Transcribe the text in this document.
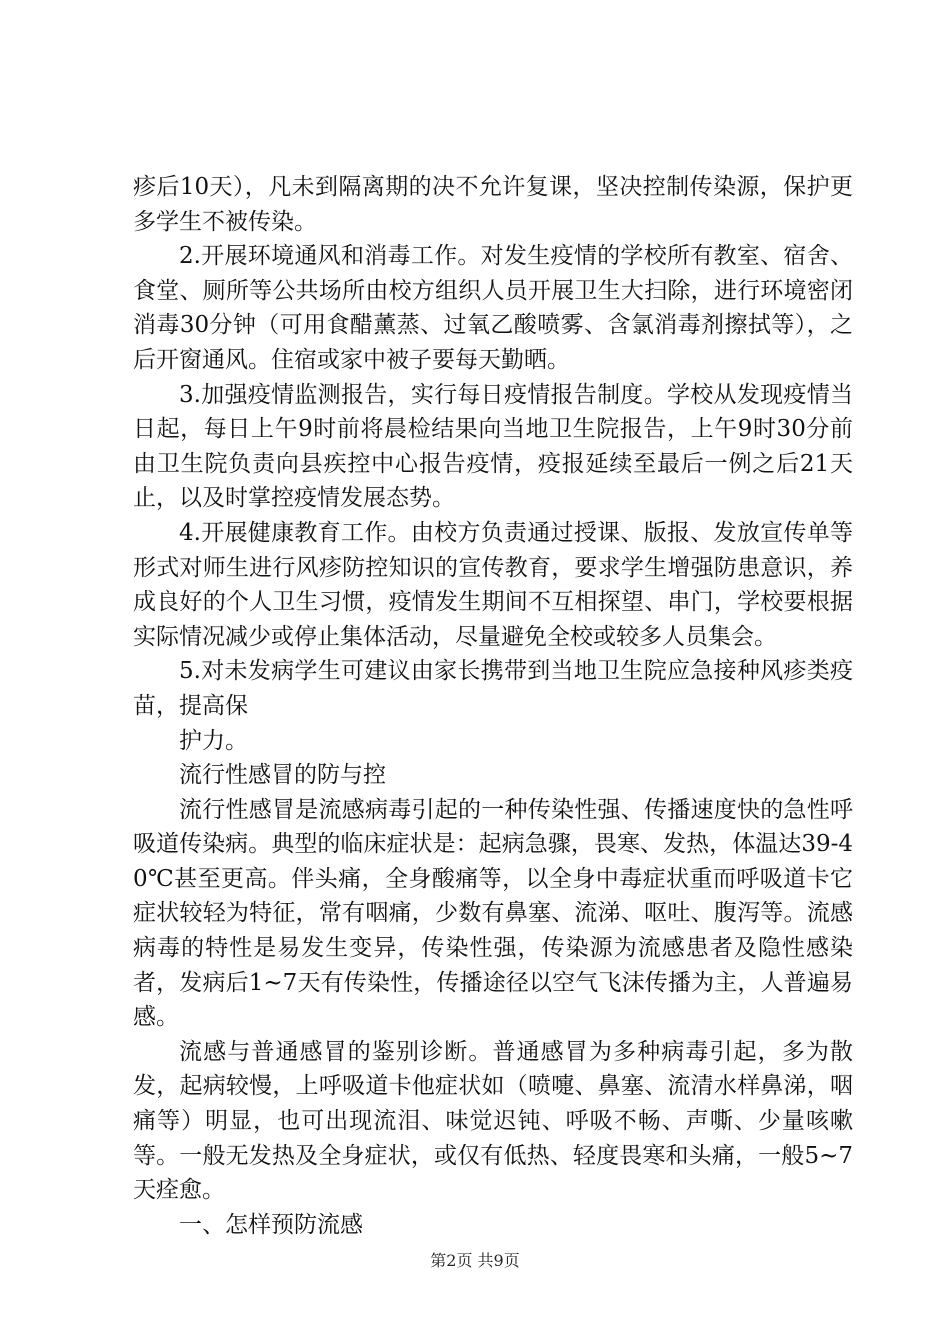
疹后10天），凡未到隔离期的决不允许复课，坚决控制传染源，保护更多学生不被传染。

2.开展环境通风和消毒工作。对发生疫情的学校所有教室、宿舍、食堂、厕所等公共场所由校方组织人员开展卫生大扫除，进行环境密闭消毒30分钟（可用食醋薰蒸、过氧乙酸喷雾、含氯消毒剂擦拭等），之后开窗通风。住宿或家中被子要每天勤晒。

3.加强疫情监测报告，实行每日疫情报告制度。学校从发现疫情当日起，每日上午9时前将晨检结果向当地卫生院报告，上午9时30分前由卫生院负责向县疾控中心报告疫情，疫报延续至最后一例之后21天止，以及时掌控疫情发展态势。

4.开展健康教育工作。由校方负责通过授课、版报、发放宣传单等形式对师生进行风疹防控知识的宣传教育，要求学生增强防患意识，养成良好的个人卫生习惯，疫情发生期间不互相探望、串门，学校要根据实际情况减少或停止集体活动，尽量避免全校或较多人员集会。

5.对未发病学生可建议由家长携带到当地卫生院应急接种风疹类疫苗，提高保

护力。

流行性感冒的防与控

流行性感冒是流感病毒引起的一种传染性强、传播速度快的急性呼吸道传染病。典型的临床症状是：起病急骤，畏寒、发热，体温达39-40℃甚至更高。伴头痛，全身酸痛等，以全身中毒症状重而呼吸道卡它症状较轻为特征，常有咽痛，少数有鼻塞、流涕、呕吐、腹泻等。流感病毒的特性是易发生变异，传染性强，传染源为流感患者及隐性感染者，发病后1~7天有传染性，传播途径以空气飞沫传播为主，人普遍易感。

流感与普通感冒的鉴别诊断。普通感冒为多种病毒引起，多为散发，起病较慢，上呼吸道卡他症状如（喷嚏、鼻塞、流清水样鼻涕，咽痛等）明显，也可出现流泪、味觉迟钝、呼吸不畅、声嘶、少量咳嗽等。一般无发热及全身症状，或仅有低热、轻度畏寒和头痛，一般5~7天痊愈。

一、怎样预防流感

第2页 共9页
